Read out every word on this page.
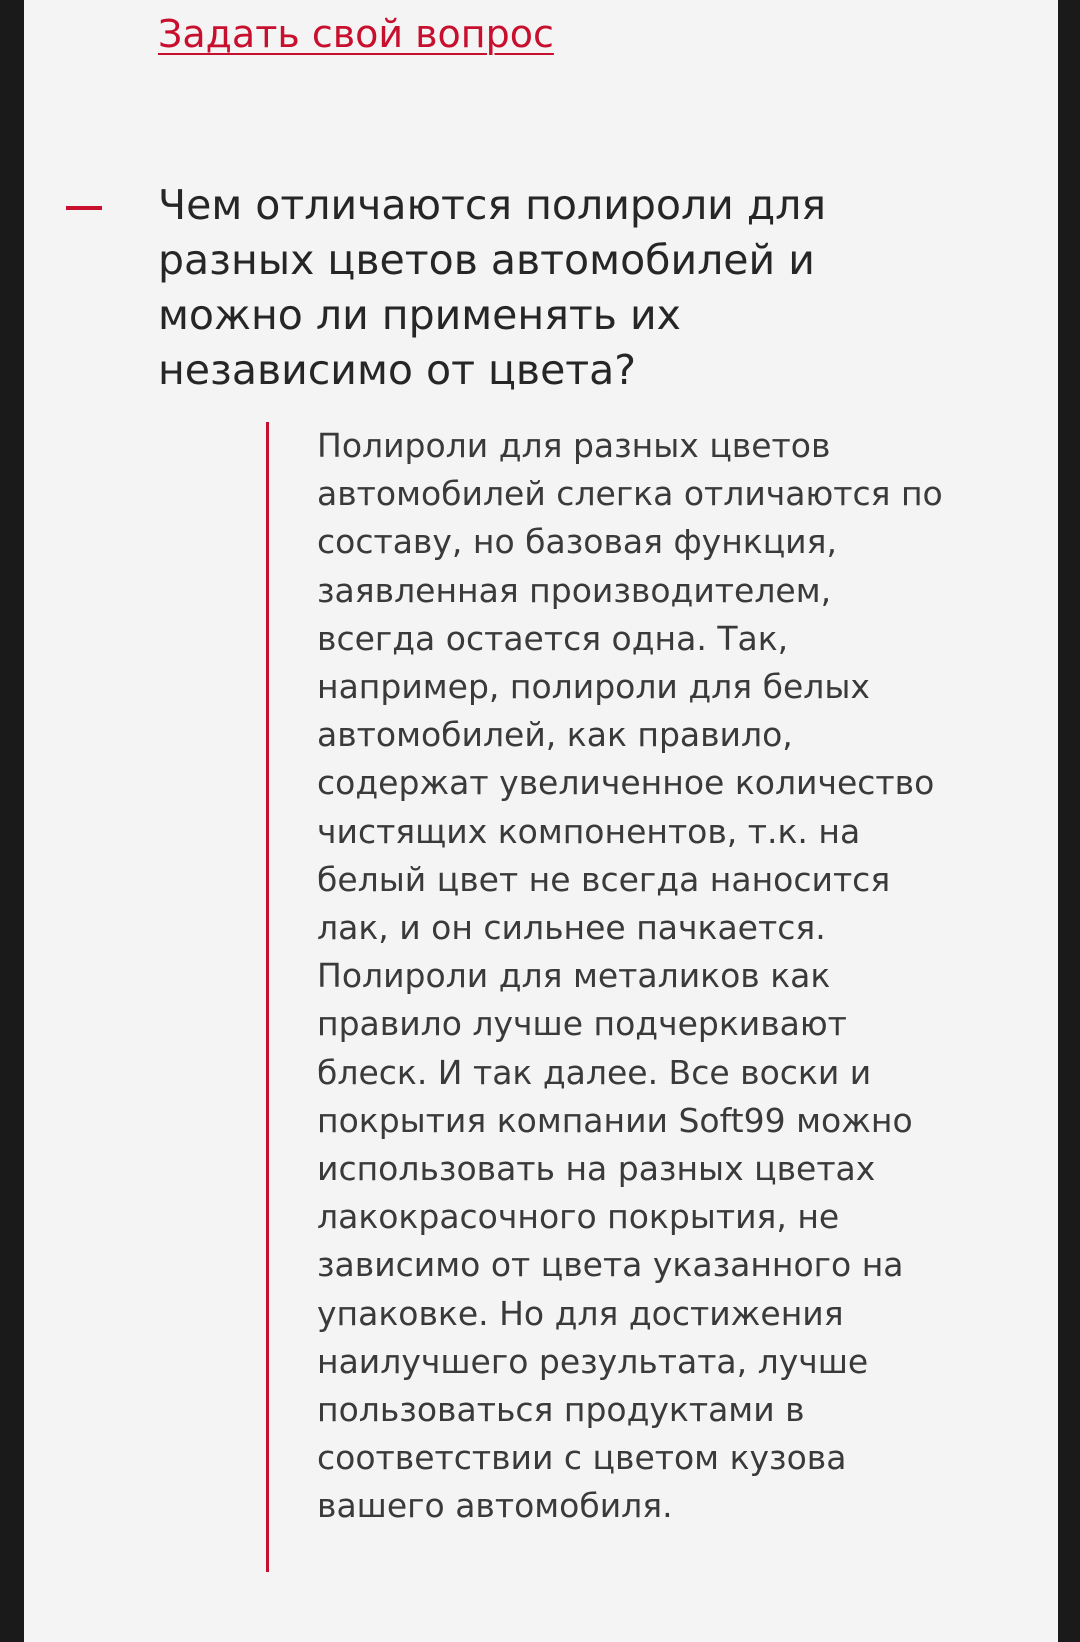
Задать свой вопрос
Чем отличаются полироли для разных цветов автомобилей и можно ли применять их независимо от цвета?

Полироли для разных цветов автомобилей слегка отличаются по составу, но базовая функция, заявленная производителем, всегда остается одна. Так, например, полироли для белых автомобилей, как правило, содержат увеличенное количество чистящих компонентов, т.к. на белый цвет не всегда наносится лак, и он сильнее пачкается. Полироли для металиков как правило лучше подчеркивают блеск. И так далее. Все воски и покрытия компании Soft99 можно использовать на разных цветах лакокрасочного покрытия, не зависимо от цвета указанного на упаковке. Но для достижения наилучшего результата, лучше пользоваться продуктами в соответствии с цветом кузова вашего автомобиля.
